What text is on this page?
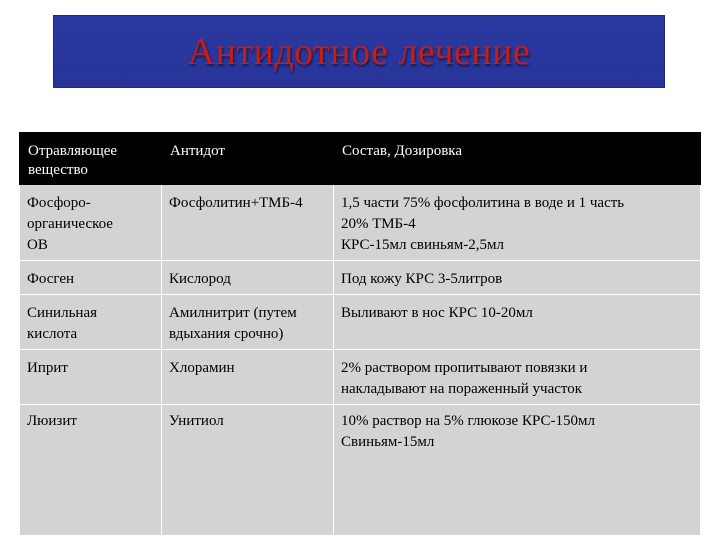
Антидотное лечение
Отравляющее
вещество	Антидот	Состав, Дозировка

Фосфоро-
органическое
ОВ	Фосфолитин+ТМБ-4	1,5 части 75% фосфолитина в воде и 1 часть
20% ТМБ-4
КРС-15мл свиньям-2,5мл

Фосген	Кислород	Под кожу КРС 3-5литров

Синильная
кислота	Амилнитрит (путем
вдыхания срочно)	Выливают в нос КРС 10-20мл

Иприт	Хлорамин	2% раствором пропитывают повязки и
накладывают на пораженный участок

Люизит	Унитиол	10% раствор на 5% глюкозе КРС-150мл
Свиньям-15мл
